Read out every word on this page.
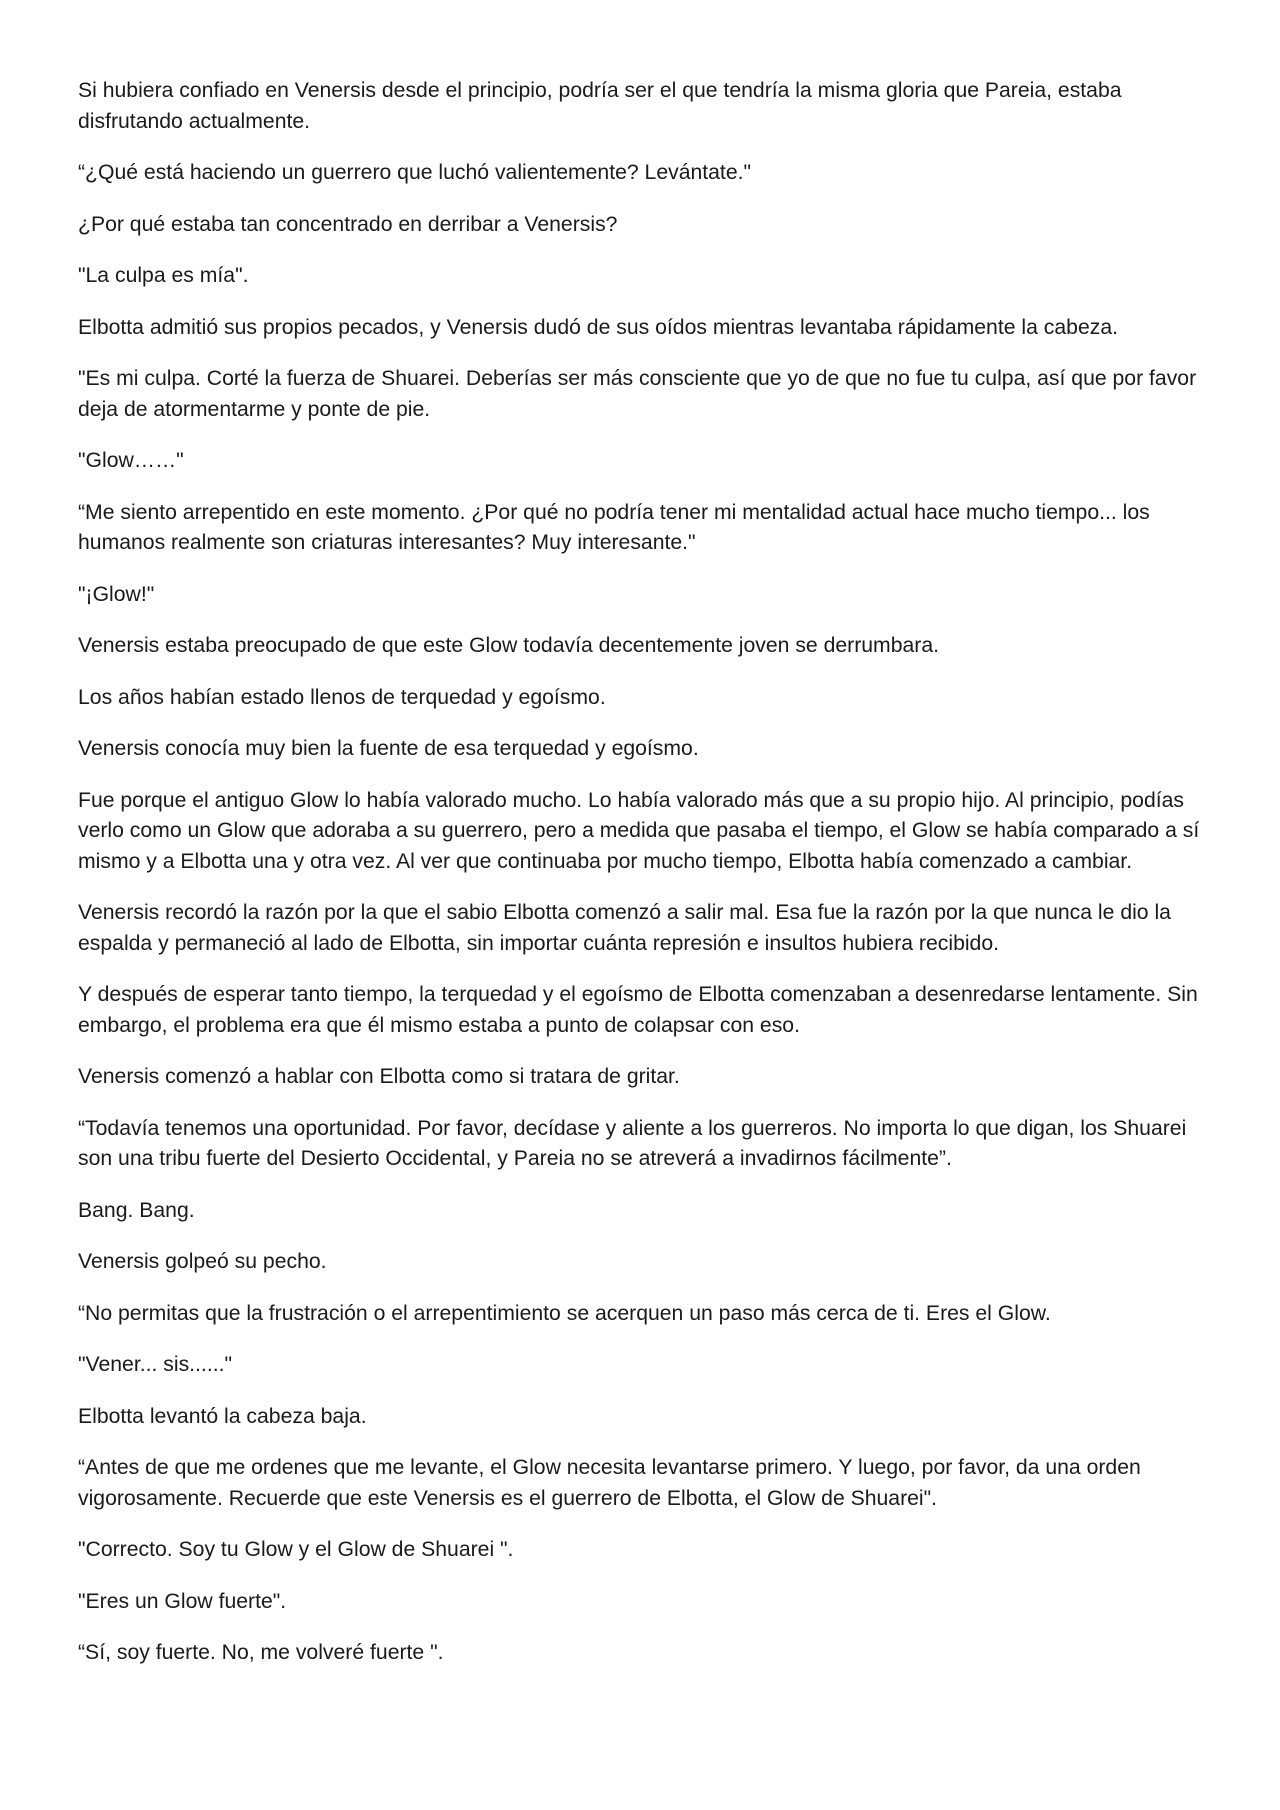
Si hubiera confiado en Venersis desde el principio, podría ser el que tendría la misma gloria que Pareia, estaba disfrutando actualmente.

“¿Qué está haciendo un guerrero que luchó valientemente? Levántate."

¿Por qué estaba tan concentrado en derribar a Venersis?

"La culpa es mía".

Elbotta admitió sus propios pecados, y Venersis dudó de sus oídos mientras levantaba rápidamente la cabeza.

"Es mi culpa. Corté la fuerza de Shuarei. Deberías ser más consciente que yo de que no fue tu culpa, así que por favor deja de atormentarme y ponte de pie.

"Glow……"

“Me siento arrepentido en este momento. ¿Por qué no podría tener mi mentalidad actual hace mucho tiempo... los humanos realmente son criaturas interesantes? Muy interesante."

"¡Glow!"

Venersis estaba preocupado de que este Glow todavía decentemente joven se derrumbara.

Los años habían estado llenos de terquedad y egoísmo.

Venersis conocía muy bien la fuente de esa terquedad y egoísmo.

Fue porque el antiguo Glow lo había valorado mucho. Lo había valorado más que a su propio hijo. Al principio, podías verlo como un Glow que adoraba a su guerrero, pero a medida que pasaba el tiempo, el Glow se había comparado a sí mismo y a Elbotta una y otra vez. Al ver que continuaba por mucho tiempo, Elbotta había comenzado a cambiar.

Venersis recordó la razón por la que el sabio Elbotta comenzó a salir mal. Esa fue la razón por la que nunca le dio la espalda y permaneció al lado de Elbotta, sin importar cuánta represión e insultos hubiera recibido.

Y después de esperar tanto tiempo, la terquedad y el egoísmo de Elbotta comenzaban a desenredarse lentamente. Sin embargo, el problema era que él mismo estaba a punto de colapsar con eso.

Venersis comenzó a hablar con Elbotta como si tratara de gritar.

“Todavía tenemos una oportunidad. Por favor, decídase y aliente a los guerreros. No importa lo que digan, los Shuarei son una tribu fuerte del Desierto Occidental, y Pareia no se atreverá a invadirnos fácilmente”.

Bang. Bang.

Venersis golpeó su pecho.

“No permitas que la frustración o el arrepentimiento se acerquen un paso más cerca de ti. Eres el Glow.

"Vener... sis......"

Elbotta levantó la cabeza baja.

“Antes de que me ordenes que me levante, el Glow necesita levantarse primero. Y luego, por favor, da una orden vigorosamente. Recuerde que este Venersis es el guerrero de Elbotta, el Glow de Shuarei".

"Correcto. Soy tu Glow y el Glow de Shuarei ".

"Eres un Glow fuerte".

“Sí, soy fuerte. No, me volveré fuerte ".
